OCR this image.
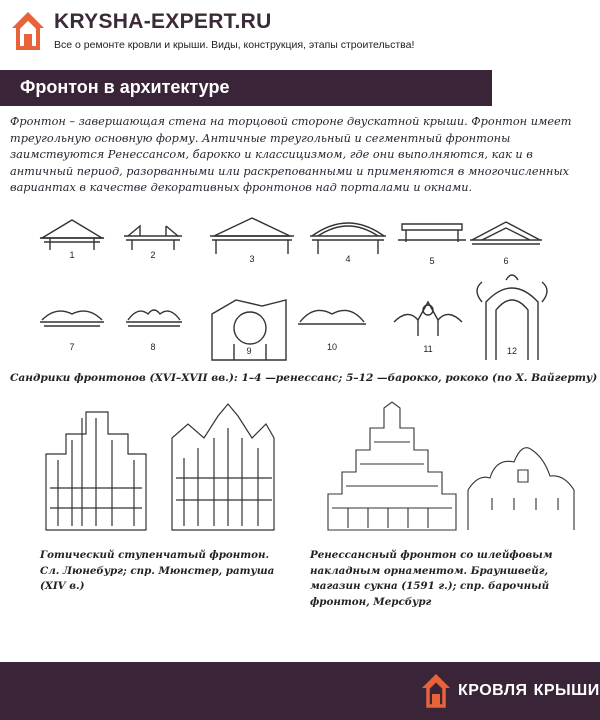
KRYSHA-EXPERT.RU
Все о ремонте кровли и крыши. Виды, конструкция, этапы строительства!
Фронтон в архитектуре
Фронтон – завершающая стена на торцовой стороне двускатной крыши. Фронтон имеет треугольную основную форму. Античные треугольный и сегментный фронтоны заимствуются Ренессансом, барокко и классицизмом, где они выполняются, как и в античный период, разорванными или раскрепованными и применяются в многочисленных вариантах в качестве декоративных фронтонов над порталами и окнами.
1	2	3	4	5	6
7	8	9	10	11	12
Сандрики фронтонов (XVI–XVII вв.): 1–4 —ренессанс; 5–12 —барокко, рококо (по Х. Вайгерту)
Готический ступенчатый фронтон. Сл. Люнебург; спр. Мюнстер, ратуша (XIV в.)
Ренессансный фронтон со шлейфовым накладным орнаментом. Брауншвейг, магазин сукна (1591 г.); спр. барочный фронтон, Мерсбург
КРОВЛЯ КРЫШИ
